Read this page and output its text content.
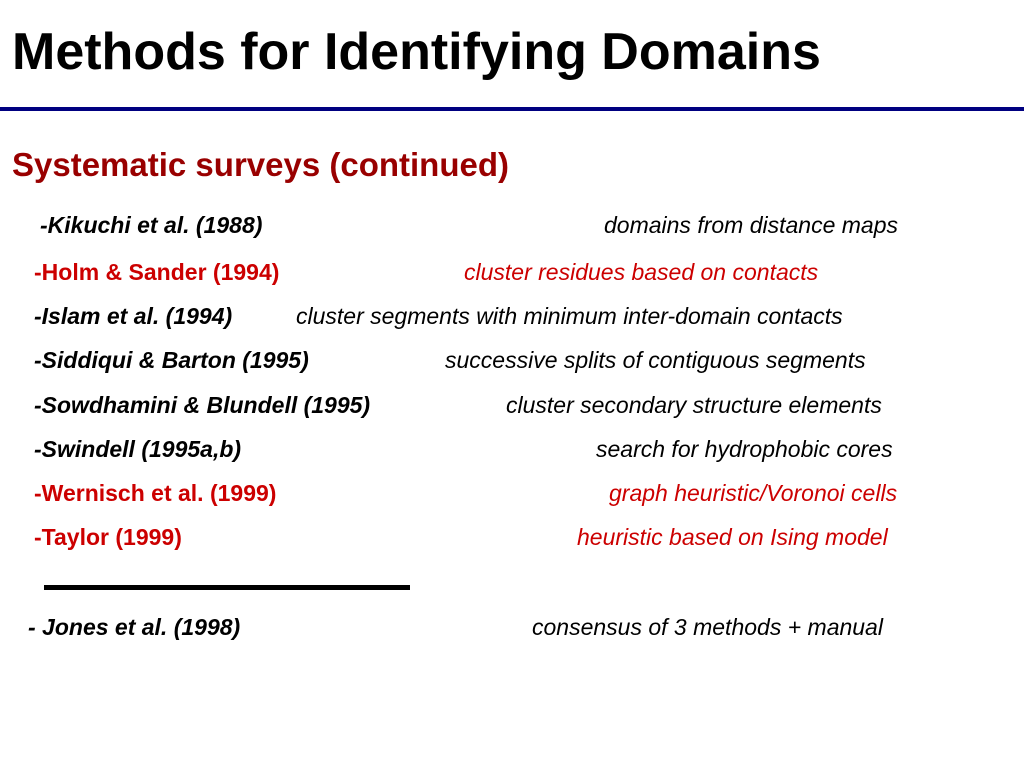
Methods for Identifying Domains
Systematic surveys (continued)
-Kikuchi et al. (1988)	domains from distance maps
-Holm & Sander (1994)	cluster residues based on contacts
-Islam et al. (1994)	cluster segments with minimum inter-domain contacts
-Siddiqui & Barton (1995)	successive splits of contiguous segments
-Sowdhamini & Blundell (1995)	cluster secondary structure elements
-Swindell (1995a,b)	search for hydrophobic cores
-Wernisch et al. (1999)	graph heuristic/Voronoi cells
-Taylor (1999)	heuristic based on Ising model
- Jones et al. (1998)	consensus of 3 methods + manual
